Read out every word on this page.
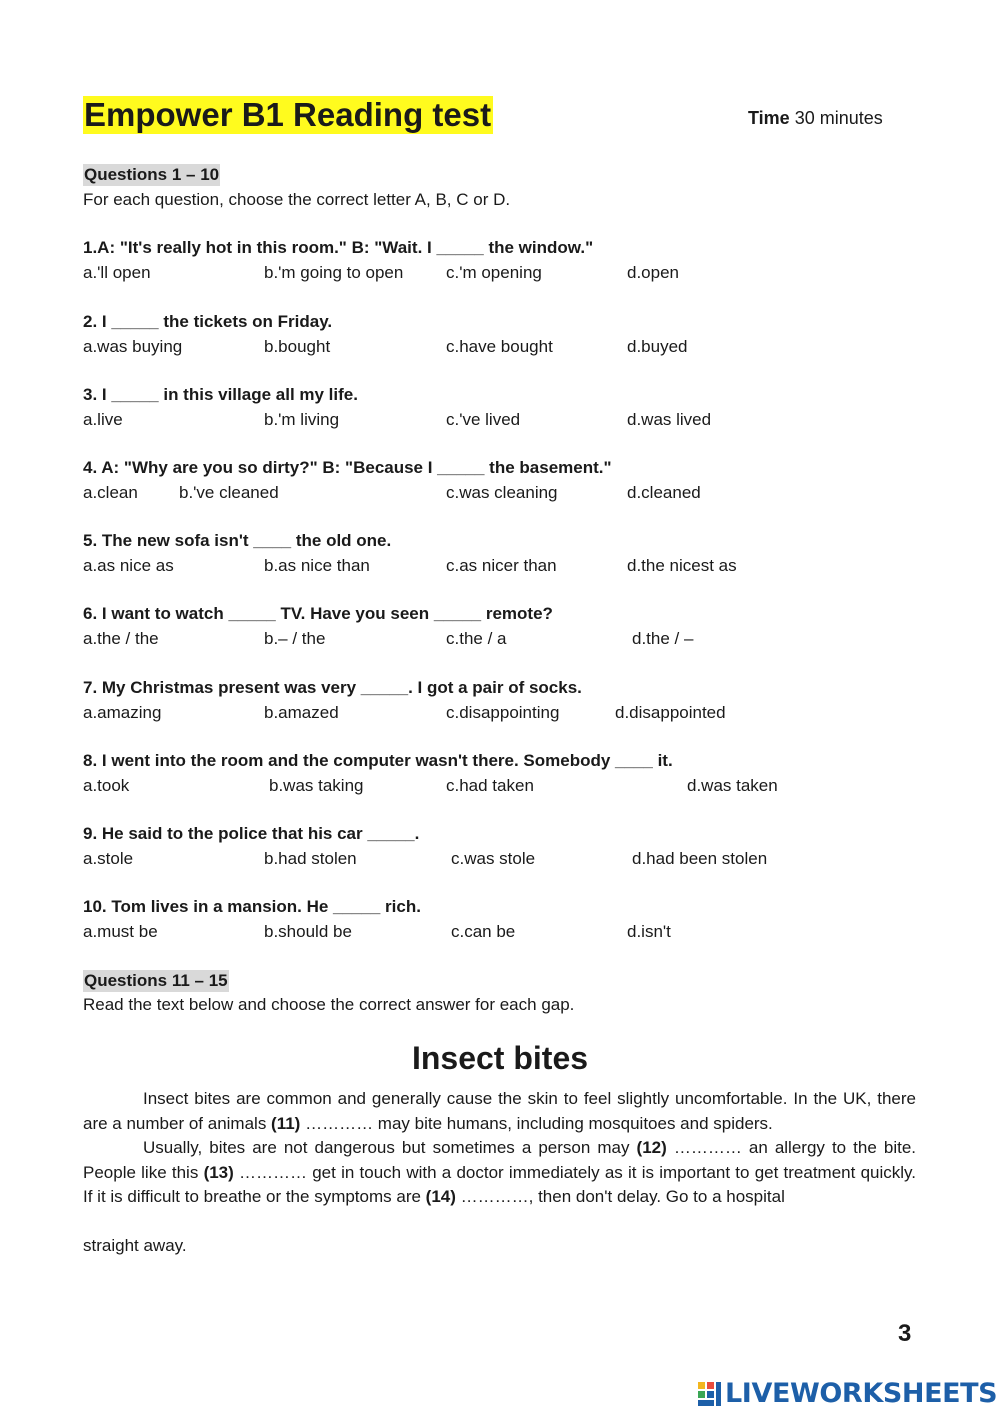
Empower B1 Reading test	Time 30 minutes
Questions 1 – 10
For each question, choose the correct letter A, B, C or D.
1.A: "It's really hot in this room." B: "Wait. I _____ the window."
a.'ll open	b.'m going to open	c.'m opening	d.open
2. I _____ the tickets on Friday.
a.was buying	b.bought	c.have bought	d.buyed
3. I _____ in this village all my life.
a.live	b.'m living	c.'ve lived	d.was lived
4. A: "Why are you so dirty?" B: "Because I _____ the basement."
a.clean b.'ve cleaned	c.was cleaning	d.cleaned
5. The new sofa isn't ____ the old one.
a.as nice as	b.as nice than	c.as nicer than	d.the nicest as
6. I want to watch _____ TV. Have you seen _____ remote?
a.the / the	b.– / the	c.the / a	d.the / –
7. My Christmas present was very _____. I got a pair of socks.
a.amazing	b.amazed	c.disappointing	d.disappointed
8. I went into the room and the computer wasn't there. Somebody ____ it.
a.took	b.was taking	c.had taken	d.was taken
9. He said to the police that his car _____.
a.stole	b.had stolen	c.was stole	d.had been stolen
10. Tom lives in a mansion. He _____ rich.
a.must be	b.should be	c.can be	d.isn't
Questions 11 – 15
Read the text below and choose the correct answer for each gap.
Insect bites

Insect bites are common and generally cause the skin to feel slightly uncomfortable. In the UK, there are a number of animals (11) ………… may bite humans, including mosquitoes and spiders.

Usually, bites are not dangerous but sometimes a person may (12) ………… an allergy to the bite. People like this (13) ………… get in touch with a doctor immediately as it is important to get treatment quickly. If it is difficult to breathe or the symptoms are (14) …………, then don't delay. Go to a hospital

straight away.

3
LIVEWORKSHEETS
